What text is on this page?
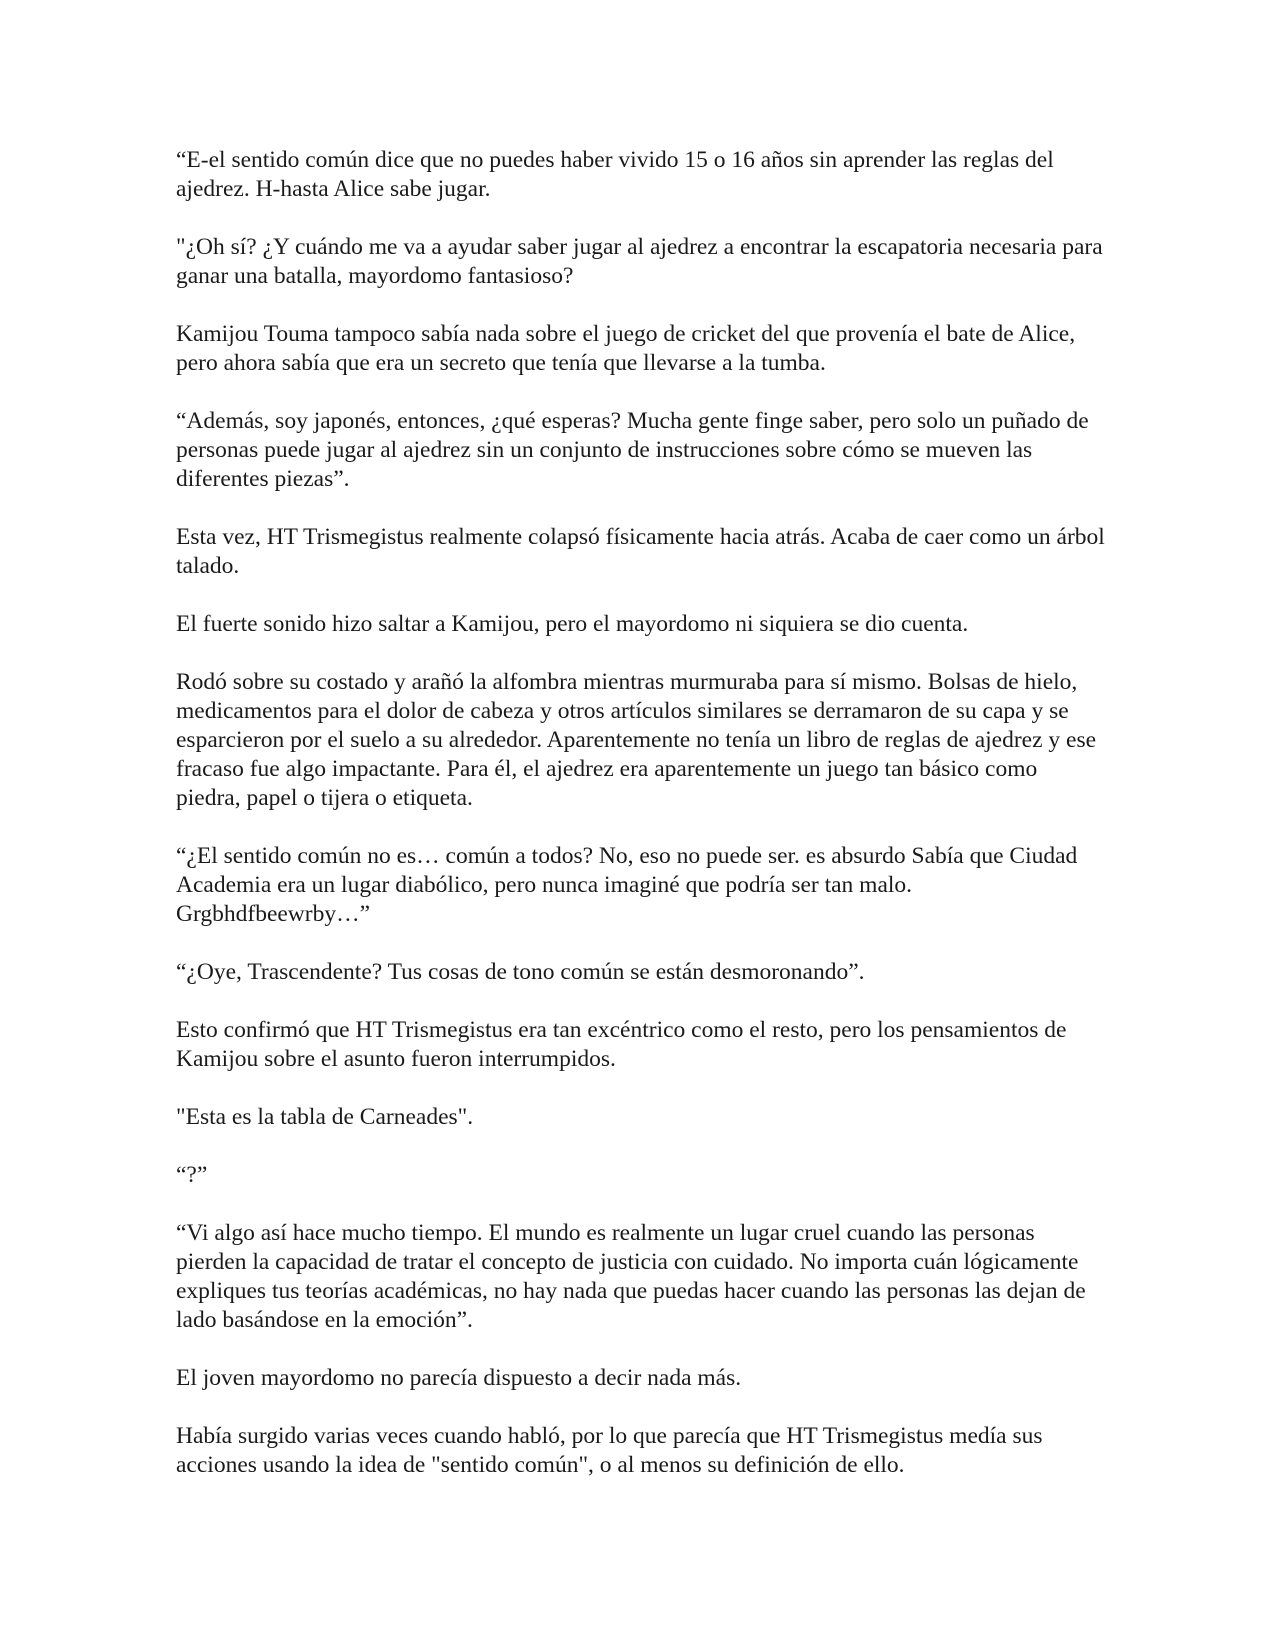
“E-el sentido común dice que no puedes haber vivido 15 o 16 años sin aprender las reglas del ajedrez. H-hasta Alice sabe jugar.

"¿Oh sí? ¿Y cuándo me va a ayudar saber jugar al ajedrez a encontrar la escapatoria necesaria para ganar una batalla, mayordomo fantasioso?

Kamijou Touma tampoco sabía nada sobre el juego de cricket del que provenía el bate de Alice, pero ahora sabía que era un secreto que tenía que llevarse a la tumba.

“Además, soy japonés, entonces, ¿qué esperas? Mucha gente finge saber, pero solo un puñado de personas puede jugar al ajedrez sin un conjunto de instrucciones sobre cómo se mueven las diferentes piezas”.

Esta vez, HT Trismegistus realmente colapsó físicamente hacia atrás. Acaba de caer como un árbol talado.

El fuerte sonido hizo saltar a Kamijou, pero el mayordomo ni siquiera se dio cuenta.

Rodó sobre su costado y arañó la alfombra mientras murmuraba para sí mismo. Bolsas de hielo, medicamentos para el dolor de cabeza y otros artículos similares se derramaron de su capa y se esparcieron por el suelo a su alrededor. Aparentemente no tenía un libro de reglas de ajedrez y ese fracaso fue algo impactante. Para él, el ajedrez era aparentemente un juego tan básico como piedra, papel o tijera o etiqueta.

“¿El sentido común no es… común a todos? No, eso no puede ser. es absurdo Sabía que Ciudad Academia era un lugar diabólico, pero nunca imaginé que podría ser tan malo. Grgbhdfbeewrby…”

“¿Oye, Trascendente? Tus cosas de tono común se están desmoronando”.

Esto confirmó que HT Trismegistus era tan excéntrico como el resto, pero los pensamientos de Kamijou sobre el asunto fueron interrumpidos.

"Esta es la tabla de Carneades".

“?”

“Vi algo así hace mucho tiempo. El mundo es realmente un lugar cruel cuando las personas pierden la capacidad de tratar el concepto de justicia con cuidado. No importa cuán lógicamente expliques tus teorías académicas, no hay nada que puedas hacer cuando las personas las dejan de lado basándose en la emoción”.

El joven mayordomo no parecía dispuesto a decir nada más.

Había surgido varias veces cuando habló, por lo que parecía que HT Trismegistus medía sus acciones usando la idea de "sentido común", o al menos su definición de ello.
